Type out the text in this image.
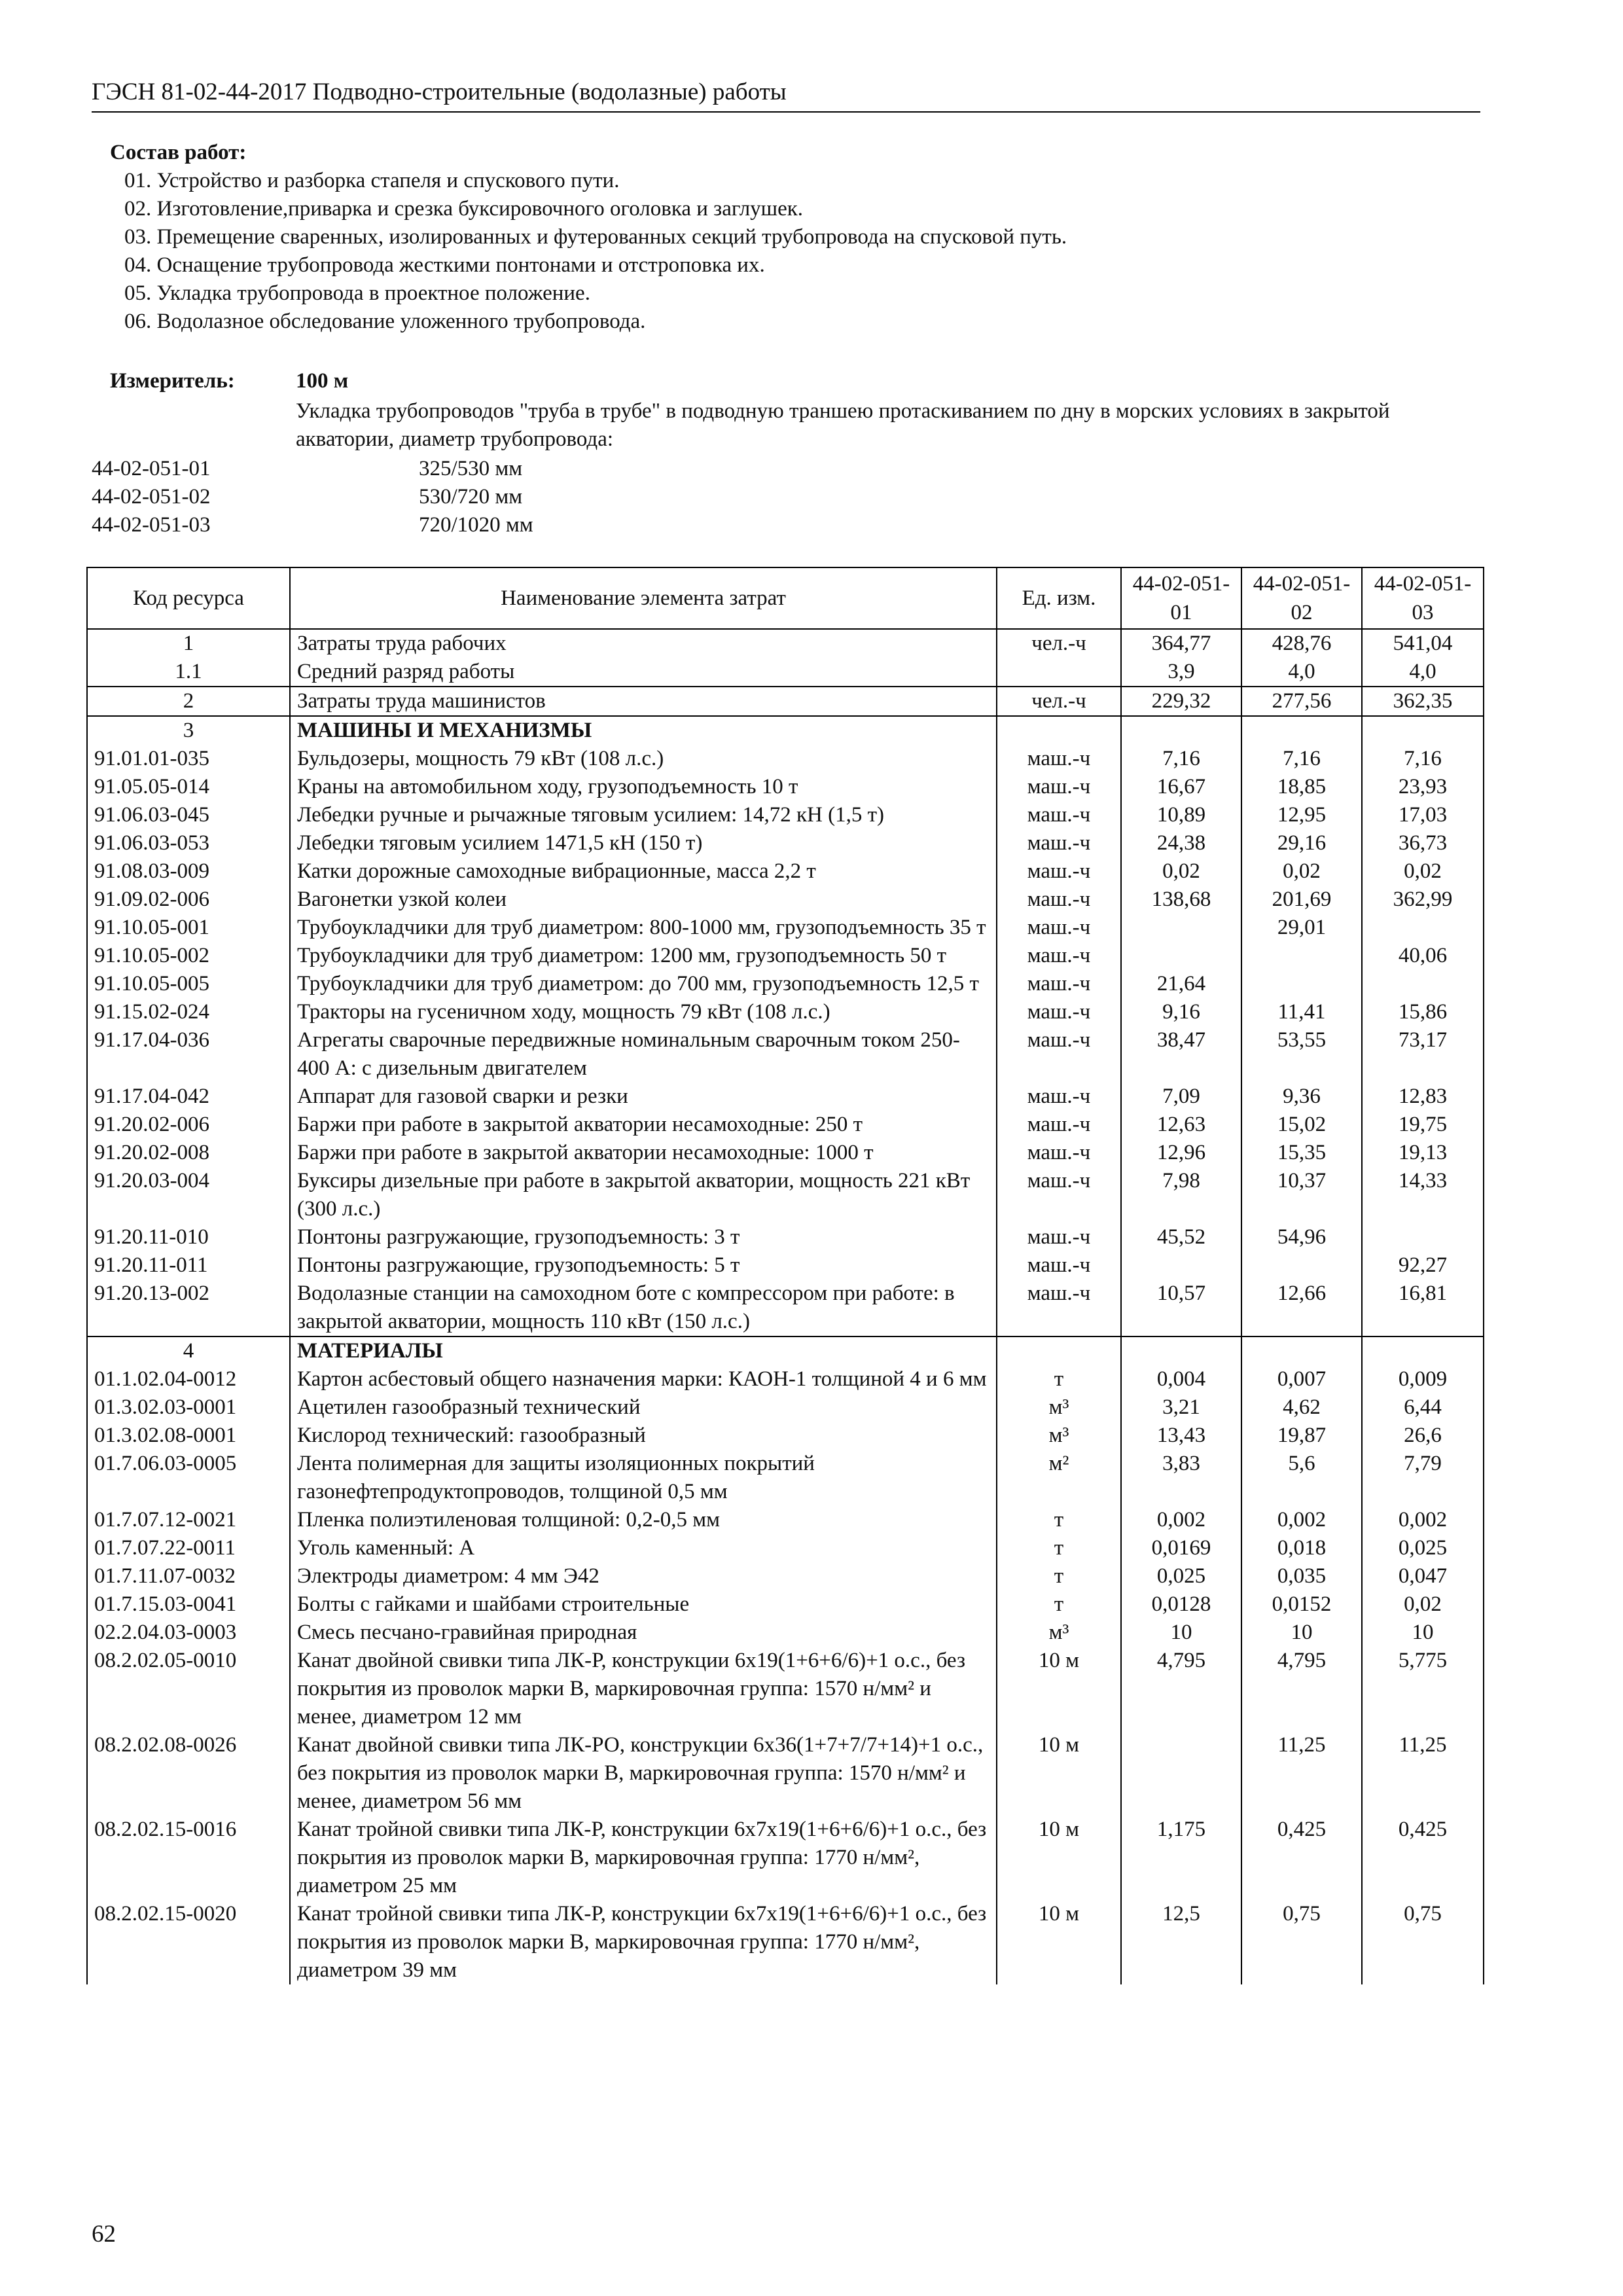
ГЭСН 81-02-44-2017 Подводно-строительные (водолазные) работы
Состав работ:
01. Устройство и разборка стапеля и спускового пути.
02. Изготовление,приварка и срезка буксировочного оголовка и заглушек.
03. Премещение сваренных, изолированных и футерованных секций трубопровода на спусковой путь.
04. Оснащение трубопровода жесткими понтонами и отстроповка их.
05. Укладка трубопровода в проектное положение.
06. Водолазное обследование уложенного трубопровода.
Измеритель:	100 м
Укладка трубопроводов "труба в трубе" в подводную траншею протаскиванием по дну в морских условиях в закрытой акватории, диаметр трубопровода:
44-02-051-01	325/530 мм
44-02-051-02	530/720 мм
44-02-051-03	720/1020 мм
Код ресурса	Наименование элемента затрат	Ед. изм.	44-02-051-01	44-02-051-02	44-02-051-03
1	Затраты труда рабочих	чел.-ч	364,77	428,76	541,04
1.1	Средний разряд работы		3,9	4,0	4,0
2	Затраты труда машинистов	чел.-ч	229,32	277,56	362,35
3	МАШИНЫ И МЕХАНИЗМЫ				
91.01.01-035	Бульдозеры, мощность 79 кВт (108 л.с.)	маш.-ч	7,16	7,16	7,16
91.05.05-014	Краны на автомобильном ходу, грузоподъемность 10 т	маш.-ч	16,67	18,85	23,93
91.06.03-045	Лебедки ручные и рычажные тяговым усилием: 14,72 кН (1,5 т)	маш.-ч	10,89	12,95	17,03
91.06.03-053	Лебедки тяговым усилием 1471,5 кН (150 т)	маш.-ч	24,38	29,16	36,73
91.08.03-009	Катки дорожные самоходные вибрационные, масса 2,2 т	маш.-ч	0,02	0,02	0,02
91.09.02-006	Вагонетки узкой колеи	маш.-ч	138,68	201,69	362,99
91.10.05-001	Трубоукладчики для труб диаметром: 800-1000 мм, грузоподъемность 35 т	маш.-ч		29,01	
91.10.05-002	Трубоукладчики для труб диаметром: 1200 мм, грузоподъемность 50 т	маш.-ч			40,06
91.10.05-005	Трубоукладчики для труб диаметром: до 700 мм, грузоподъемность 12,5 т	маш.-ч	21,64		
91.15.02-024	Тракторы на гусеничном ходу, мощность 79 кВт (108 л.с.)	маш.-ч	9,16	11,41	15,86
91.17.04-036	Агрегаты сварочные передвижные номинальным сварочным током 250-400 А: с дизельным двигателем	маш.-ч	38,47	53,55	73,17
91.17.04-042	Аппарат для газовой сварки и резки	маш.-ч	7,09	9,36	12,83
91.20.02-006	Баржи при работе в закрытой акватории несамоходные: 250 т	маш.-ч	12,63	15,02	19,75
91.20.02-008	Баржи при работе в закрытой акватории несамоходные: 1000 т	маш.-ч	12,96	15,35	19,13
91.20.03-004	Буксиры дизельные при работе в закрытой акватории, мощность 221 кВт (300 л.с.)	маш.-ч	7,98	10,37	14,33
91.20.11-010	Понтоны разгружающие, грузоподъемность: 3 т	маш.-ч	45,52	54,96	
91.20.11-011	Понтоны разгружающие, грузоподъемность: 5 т	маш.-ч			92,27
91.20.13-002	Водолазные станции на самоходном боте с компрессором при работе: в закрытой акватории, мощность 110 кВт (150 л.с.)	маш.-ч	10,57	12,66	16,81
4	МАТЕРИАЛЫ				
01.1.02.04-0012	Картон асбестовый общего назначения марки: КАОН-1 толщиной 4 и 6 мм	т	0,004	0,007	0,009
01.3.02.03-0001	Ацетилен газообразный технический	м³	3,21	4,62	6,44
01.3.02.08-0001	Кислород технический: газообразный	м³	13,43	19,87	26,6
01.7.06.03-0005	Лента полимерная для защиты изоляционных покрытий газонефтепродуктопроводов, толщиной 0,5 мм	м²	3,83	5,6	7,79
01.7.07.12-0021	Пленка полиэтиленовая толщиной: 0,2-0,5 мм	т	0,002	0,002	0,002
01.7.07.22-0011	Уголь каменный: А	т	0,0169	0,018	0,025
01.7.11.07-0032	Электроды диаметром: 4 мм Э42	т	0,025	0,035	0,047
01.7.15.03-0041	Болты с гайками и шайбами строительные	т	0,0128	0,0152	0,02
02.2.04.03-0003	Смесь песчано-гравийная природная	м³	10	10	10
08.2.02.05-0010	Канат двойной свивки типа ЛК-Р, конструкции 6х19(1+6+6/6)+1 о.с., без покрытия из проволок марки В, маркировочная группа: 1570 н/мм² и менее, диаметром 12 мм	10 м	4,795	4,795	5,775
08.2.02.08-0026	Канат двойной свивки типа ЛК-РО, конструкции 6х36(1+7+7/7+14)+1 о.с., без покрытия из проволок марки В, маркировочная группа: 1570 н/мм² и менее, диаметром 56 мм	10 м		11,25	11,25
08.2.02.15-0016	Канат тройной свивки типа ЛК-Р, конструкции 6х7х19(1+6+6/6)+1 о.с., без покрытия из проволок марки В, маркировочная группа: 1770 н/мм², диаметром 25 мм	10 м	1,175	0,425	0,425
08.2.02.15-0020	Канат тройной свивки типа ЛК-Р, конструкции 6х7х19(1+6+6/6)+1 о.с., без покрытия из проволок марки В, маркировочная группа: 1770 н/мм², диаметром 39 мм	10 м	12,5	0,75	0,75
62
